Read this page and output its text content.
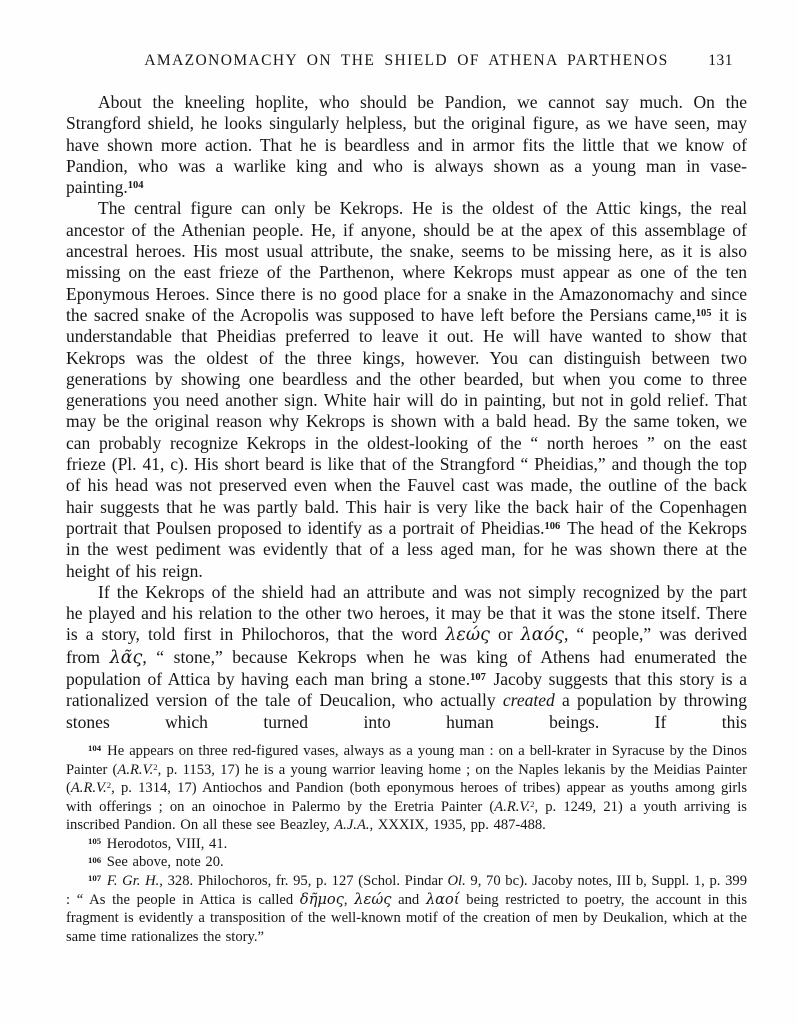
AMAZONOMACHY ON THE SHIELD OF ATHENA PARTHENOS	131

About the kneeling hoplite, who should be Pandion, we cannot say much. On the Strangford shield, he looks singularly helpless, but the original figure, as we have seen, may have shown more action. That he is beardless and in armor fits the little that we know of Pandion, who was a warlike king and who is always shown as a young man in vase-painting.$^{104}$

The central figure can only be Kekrops. He is the oldest of the Attic kings, the real ancestor of the Athenian people. He, if anyone, should be at the apex of this assemblage of ancestral heroes. His most usual attribute, the snake, seems to be missing here, as it is also missing on the east frieze of the Parthenon, where Kekrops must appear as one of the ten Eponymous Heroes. Since there is no good place for a snake in the Amazonomachy and since the sacred snake of the Acropolis was supposed to have left before the Persians came,$^{105}$ it is understandable that Pheidias preferred to leave it out. He will have wanted to show that Kekrops was the oldest of the three kings, however. You can distinguish between two generations by showing one beardless and the other bearded, but when you come to three generations you need another sign. White hair will do in painting, but not in gold relief. That may be the original reason why Kekrops is shown with a bald head. By the same token, we can probably recognize Kekrops in the oldest-looking of the “ north heroes ” on the east frieze (Pl. 41, c). His short beard is like that of the Strangford “ Pheidias,” and though the top of his head was not preserved even when the Fauvel cast was made, the outline of the back hair suggests that he was partly bald. This hair is very like the back hair of the Copenhagen portrait that Poulsen proposed to identify as a portrait of Pheidias.$^{106}$ The head of the Kekrops in the west pediment was evidently that of a less aged man, for he was shown there at the height of his reign.

If the Kekrops of the shield had an attribute and was not simply recognized by the part he played and his relation to the other two heroes, it may be that it was the stone itself. There is a story, told first in Philochoros, that the word λεώς or λαός, “ people,” was derived from λᾶς, “ stone,” because Kekrops when he was king of Athens had enumerated the population of Attica by having each man bring a stone.$^{107}$ Jacoby suggests that this story is a rationalized version of the tale of Deucalion, who actually created a population by throwing stones which turned into human beings. If this

$^{104}$ He appears on three red-figured vases, always as a young man : on a bell-krater in Syracuse by the Dinos Painter (A.R.V.$^2$, p. 1153, 17) he is a young warrior leaving home ; on the Naples lekanis by the Meidias Painter (A.R.V.$^2$, p. 1314, 17) Antiochos and Pandion (both eponymous heroes of tribes) appear as youths among girls with offerings ; on an oinochoe in Palermo by the Eretria Painter (A.R.V.$^2$, p. 1249, 21) a youth arriving is inscribed Pandion. On all these see Beazley, A.J.A., XXXIX, 1935, pp. 487-488.

$^{105}$ Herodotos, VIII, 41.

$^{106}$ See above, note 20.

$^{107}$ F. Gr. H., 328. Philochoros, fr. 95, p. 127 (Schol. Pindar Ol. 9, 70 bc). Jacoby notes, III b, Suppl. 1, p. 399 : “ As the people in Attica is called δῆμος, λεώς and λαοί being restricted to poetry, the account in this fragment is evidently a transposition of the well-known motif of the creation of men by Deukalion, which at the same time rationalizes the story.”
